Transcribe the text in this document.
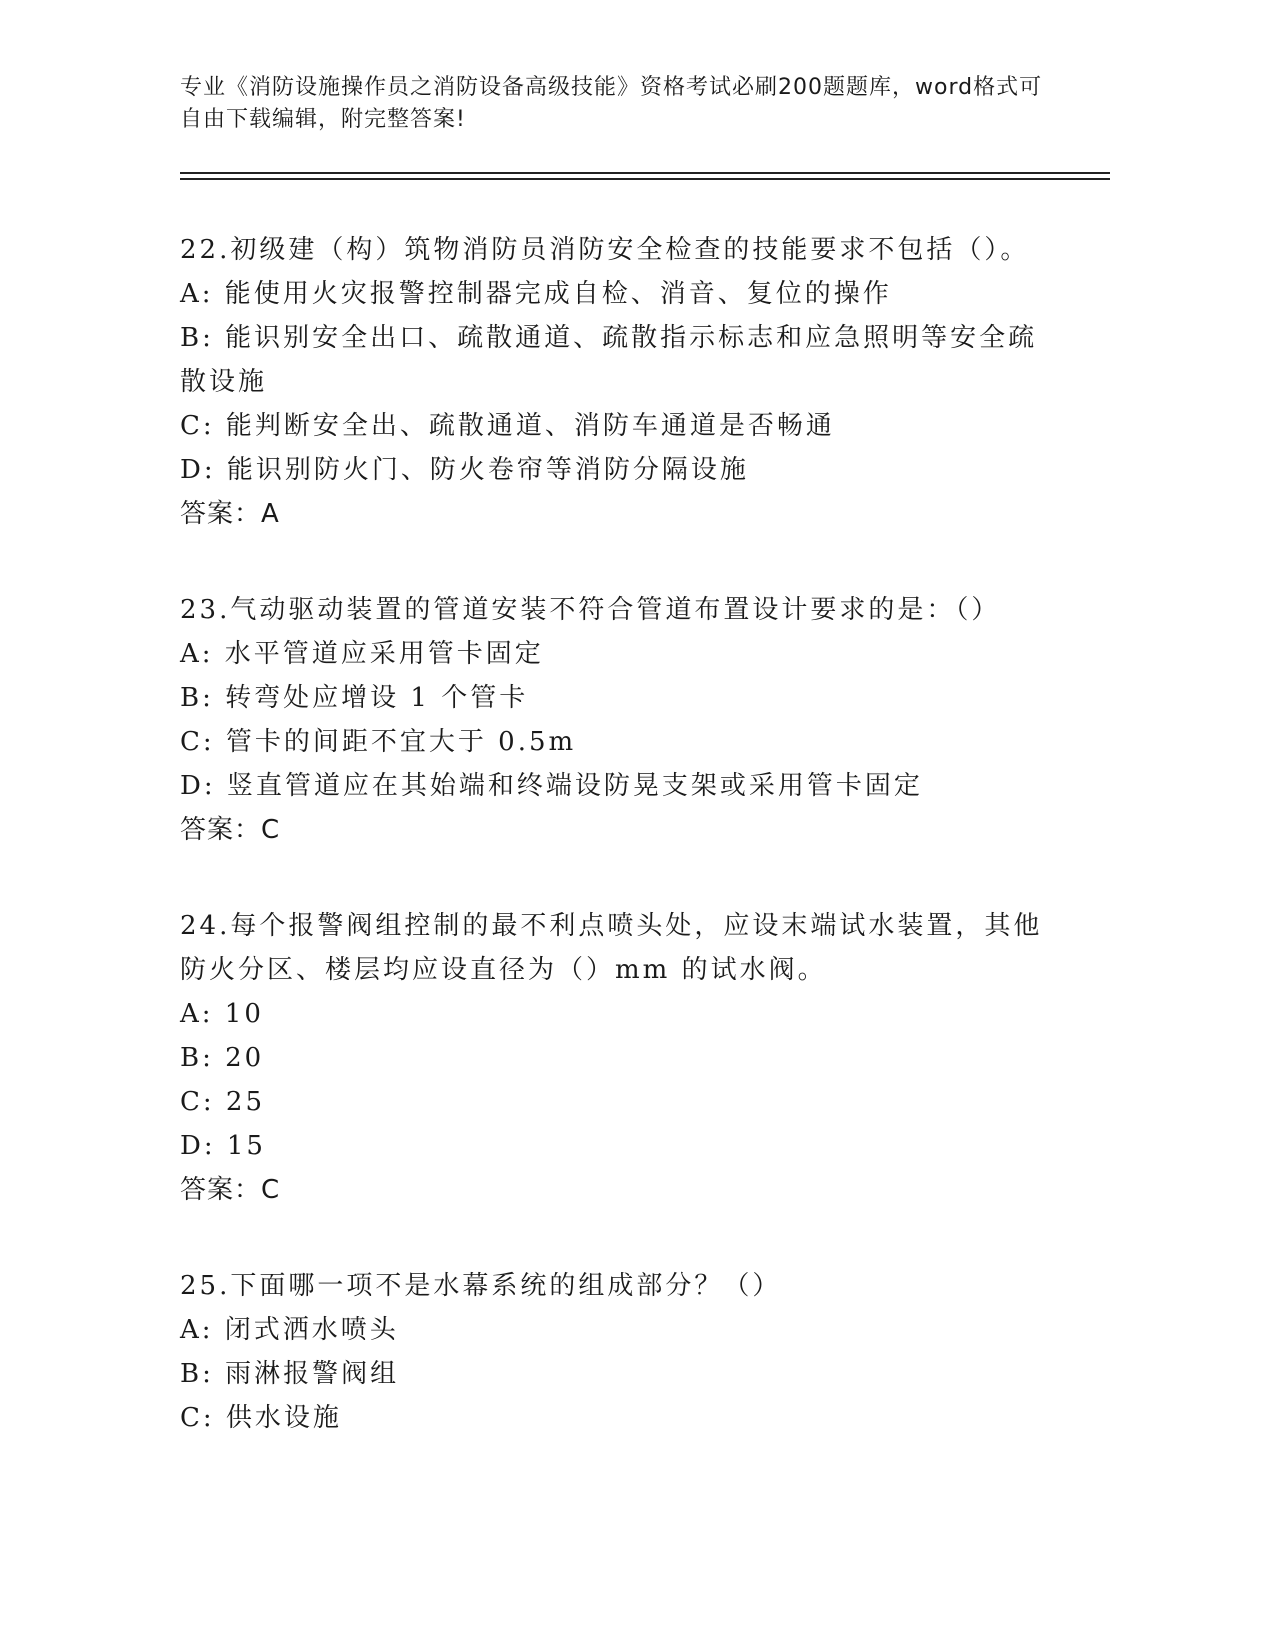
专业《消防设施操作员之消防设备高级技能》资格考试必刷200题题库，word格式可自由下载编辑，附完整答案!
22.初级建（构）筑物消防员消防安全检查的技能要求不包括（）。
A: 能使用火灾报警控制器完成自检、消音、复位的操作
B: 能识别安全出口、疏散通道、疏散指示标志和应急照明等安全疏散设施
C: 能判断安全出、疏散通道、消防车通道是否畅通
D: 能识别防火门、防火卷帘等消防分隔设施
答案：A
23.气动驱动装置的管道安装不符合管道布置设计要求的是：（）
A: 水平管道应采用管卡固定
B: 转弯处应增设 1 个管卡
C: 管卡的间距不宜大于 0.5m
D: 竖直管道应在其始端和终端设防晃支架或采用管卡固定
答案：C
24.每个报警阀组控制的最不利点喷头处，应设末端试水装置，其他防火分区、楼层均应设直径为（）mm 的试水阀。
A: 10
B: 20
C: 25
D: 15
答案：C
25.下面哪一项不是水幕系统的组成部分？（）
A: 闭式洒水喷头
B: 雨淋报警阀组
C: 供水设施
